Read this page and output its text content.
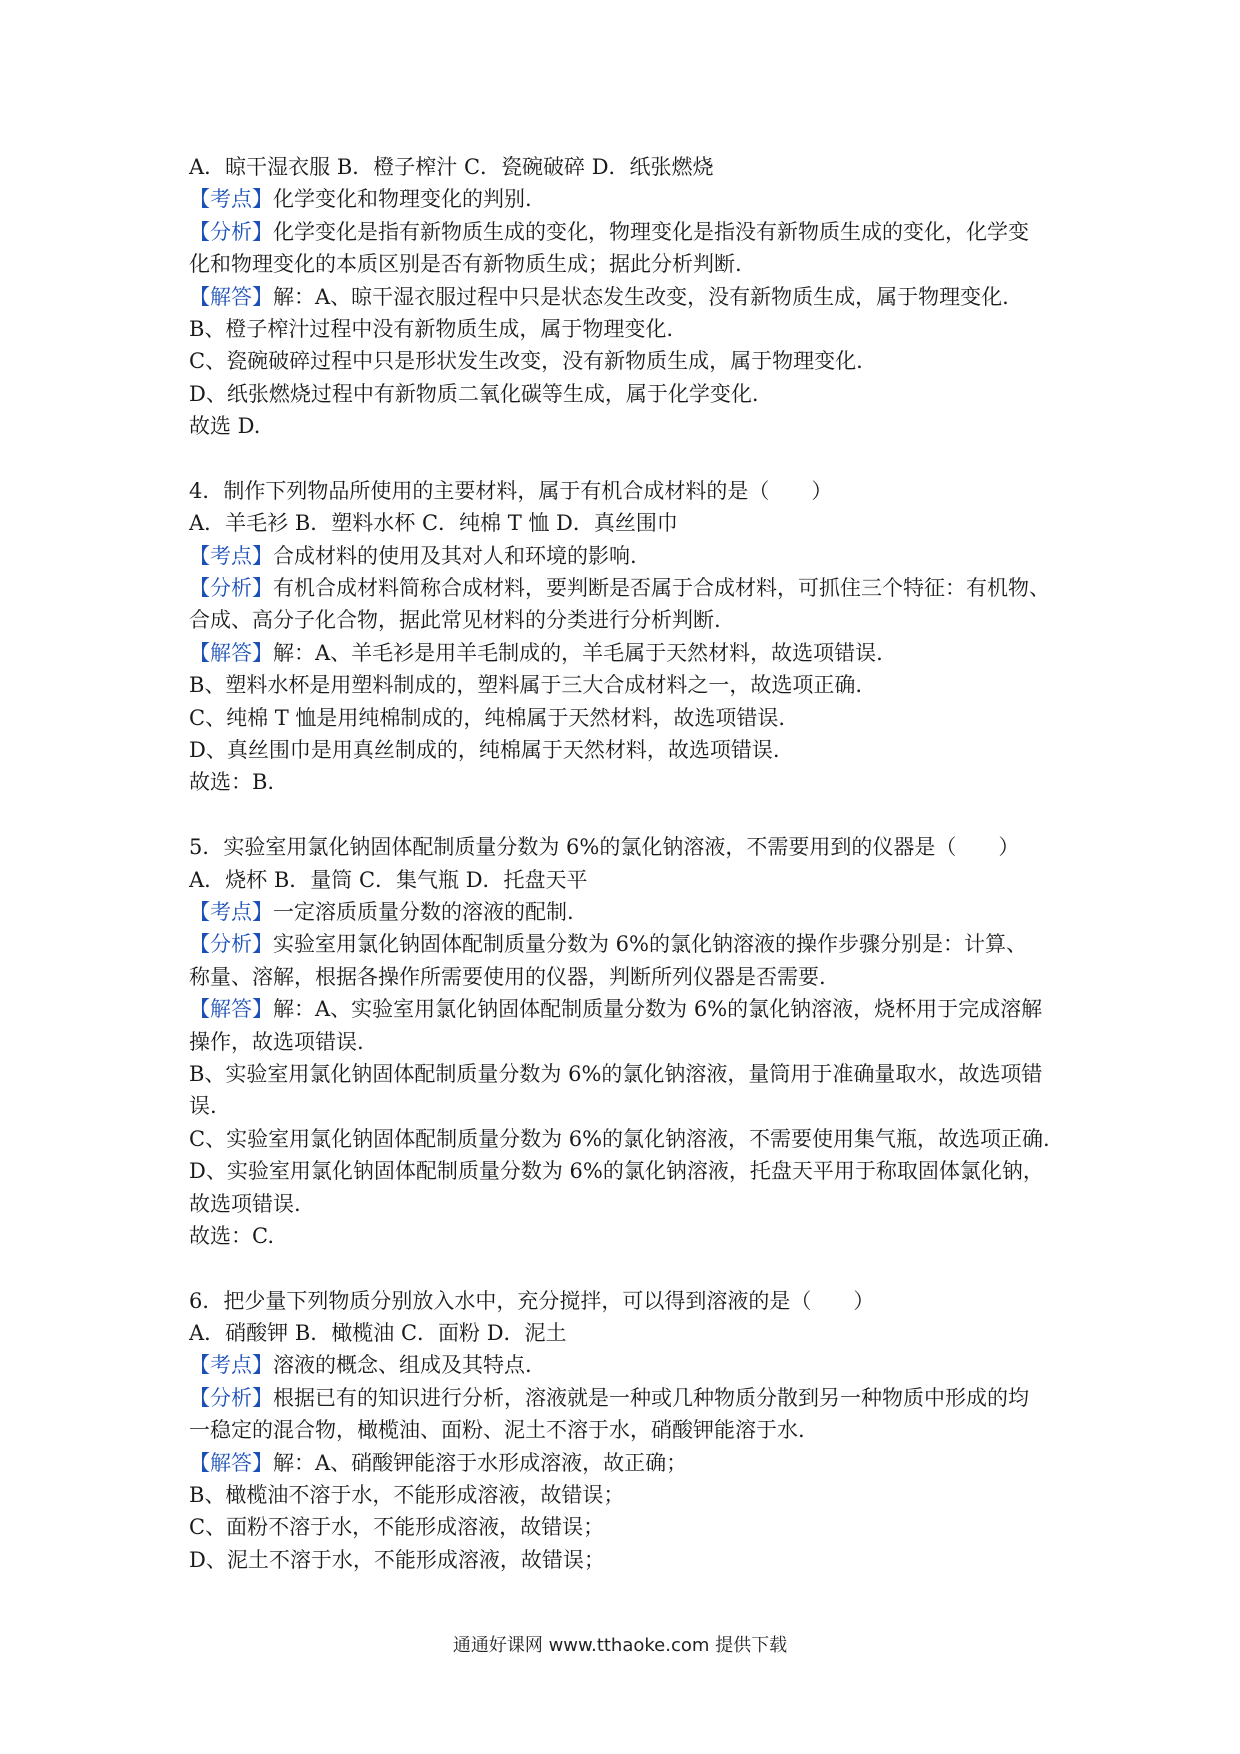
A．晾干湿衣服 B．橙子榨汁 C．瓷碗破碎 D．纸张燃烧
【考点】化学变化和物理变化的判别.
【分析】化学变化是指有新物质生成的变化，物理变化是指没有新物质生成的变化，化学变
化和物理变化的本质区别是否有新物质生成；据此分析判断.
【解答】解：A、晾干湿衣服过程中只是状态发生改变，没有新物质生成，属于物理变化.
B、橙子榨汁过程中没有新物质生成，属于物理变化.
C、瓷碗破碎过程中只是形状发生改变，没有新物质生成，属于物理变化.
D、纸张燃烧过程中有新物质二氧化碳等生成，属于化学变化.
故选 D.
4．制作下列物品所使用的主要材料，属于有机合成材料的是（　　）
A．羊毛衫 B．塑料水杯 C．纯棉 T 恤 D．真丝围巾
【考点】合成材料的使用及其对人和环境的影响.
【分析】有机合成材料简称合成材料，要判断是否属于合成材料，可抓住三个特征：有机物、
合成、高分子化合物，据此常见材料的分类进行分析判断.
【解答】解：A、羊毛衫是用羊毛制成的，羊毛属于天然材料，故选项错误.
B、塑料水杯是用塑料制成的，塑料属于三大合成材料之一，故选项正确.
C、纯棉 T 恤是用纯棉制成的，纯棉属于天然材料，故选项错误.
D、真丝围巾是用真丝制成的，纯棉属于天然材料，故选项错误.
故选：B.
5．实验室用氯化钠固体配制质量分数为 6%的氯化钠溶液，不需要用到的仪器是（　　）
A．烧杯 B．量筒 C．集气瓶 D．托盘天平
【考点】一定溶质质量分数的溶液的配制.
【分析】实验室用氯化钠固体配制质量分数为 6%的氯化钠溶液的操作步骤分别是：计算、
称量、溶解，根据各操作所需要使用的仪器，判断所列仪器是否需要.
【解答】解：A、实验室用氯化钠固体配制质量分数为 6%的氯化钠溶液，烧杯用于完成溶解
操作，故选项错误.
B、实验室用氯化钠固体配制质量分数为 6%的氯化钠溶液，量筒用于准确量取水，故选项错
误.
C、实验室用氯化钠固体配制质量分数为 6%的氯化钠溶液，不需要使用集气瓶，故选项正确.
D、实验室用氯化钠固体配制质量分数为 6%的氯化钠溶液，托盘天平用于称取固体氯化钠，
故选项错误.
故选：C.
6．把少量下列物质分别放入水中，充分搅拌，可以得到溶液的是（　　）
A．硝酸钾 B．橄榄油 C．面粉 D．泥土
【考点】溶液的概念、组成及其特点.
【分析】根据已有的知识进行分析，溶液就是一种或几种物质分散到另一种物质中形成的均
一稳定的混合物，橄榄油、面粉、泥土不溶于水，硝酸钾能溶于水.
【解答】解：A、硝酸钾能溶于水形成溶液，故正确；
B、橄榄油不溶于水，不能形成溶液，故错误；
C、面粉不溶于水，不能形成溶液，故错误；
D、泥土不溶于水，不能形成溶液，故错误；
通通好课网 www.tthaoke.com 提供下载
